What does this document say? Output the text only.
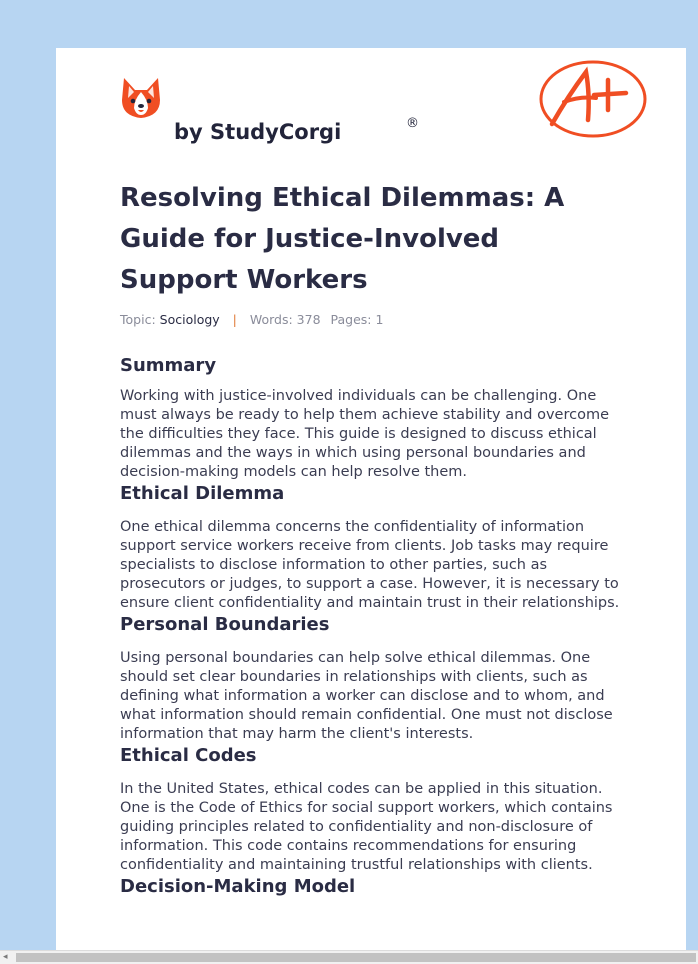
by StudyCorgi	®
Resolving Ethical Dilemmas: A Guide for Justice-Involved Support Workers
Topic: Sociology | Words: 378 Pages: 1
Summary

Working with justice-involved individuals can be challenging. One must always be ready to help them achieve stability and overcome the difficulties they face. This guide is designed to discuss ethical dilemmas and the ways in which using personal boundaries and decision-making models can help resolve them.

Ethical Dilemma

One ethical dilemma concerns the confidentiality of information support service workers receive from clients. Job tasks may require specialists to disclose information to other parties, such as prosecutors or judges, to support a case. However, it is necessary to ensure client confidentiality and maintain trust in their relationships.

Personal Boundaries

Using personal boundaries can help solve ethical dilemmas. One should set clear boundaries in relationships with clients, such as defining what information a worker can disclose and to whom, and what information should remain confidential. One must not disclose information that may harm the client's interests.

Ethical Codes

In the United States, ethical codes can be applied in this situation. One is the Code of Ethics for social support workers, which contains guiding principles related to confidentiality and non-disclosure of information. This code contains recommendations for ensuring confidentiality and maintaining trustful relationships with clients.

Decision-Making Model
◂
